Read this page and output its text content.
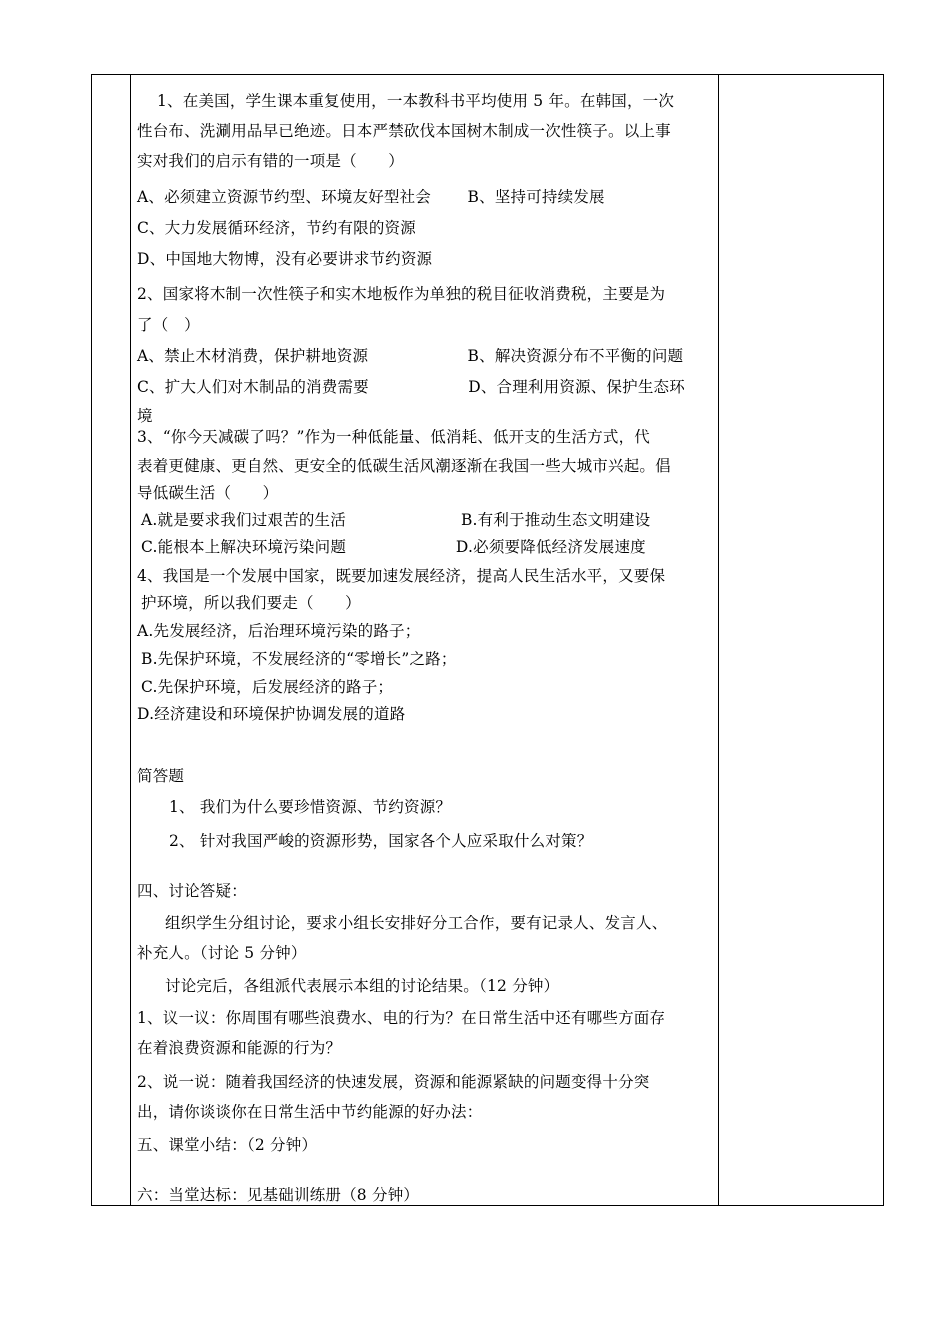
1、在美国，学生课本重复使用，一本教科书平均使用 5 年。在韩国，一次
性台布、洗涮用品早已绝迹。日本严禁砍伐本国树木制成一次性筷子。以上事
实对我们的启示有错的一项是（　　）
A、必须建立资源节约型、环境友好型社会　　 B、坚持可持续发展
C、大力发展循环经济，节约有限的资源
D、中国地大物博，没有必要讲求节约资源
2、国家将木制一次性筷子和实木地板作为单独的税目征收消费税，主要是为
了（　）
A、禁止木材消费，保护耕地资源　　　　　　 B、解决资源分布不平衡的问题
C、扩大人们对木制品的消费需要　　　　　　 D、合理利用资源、保护生态环
境
3、“你今天减碳了吗？”作为一种低能量、低消耗、低开支的生活方式，代
表着更健康、更自然、更安全的低碳生活风潮逐渐在我国一些大城市兴起。倡
导低碳生活（　　）
A.就是要求我们过艰苦的生活　　　　　　　 B.有利于推动生态文明建设
C.能根本上解决环境污染问题　　　　　　　D.必须要降低经济发展速度
4、我国是一个发展中国家，既要加速发展经济，提高人民生活水平，又要保
护环境，所以我们要走（　　）
A.先发展经济，后治理环境污染的路子；
B.先保护环境，不发展经济的“零增长”之路；
C.先保护环境，后发展经济的路子；
D.经济建设和环境保护协调发展的道路
简答题
1、 我们为什么要珍惜资源、节约资源？
2、 针对我国严峻的资源形势，国家各个人应采取什么对策？
四、讨论答疑：
组织学生分组讨论，要求小组长安排好分工合作，要有记录人、发言人、
补充人。（讨论 5 分钟）
讨论完后，各组派代表展示本组的讨论结果。（12 分钟）
1、议一议：你周围有哪些浪费水、电的行为？在日常生活中还有哪些方面存
在着浪费资源和能源的行为？
2、说一说：随着我国经济的快速发展，资源和能源紧缺的问题变得十分突
出，请你谈谈你在日常生活中节约能源的好办法：
五、课堂小结：（2 分钟）
六：当堂达标：见基础训练册（8 分钟）
